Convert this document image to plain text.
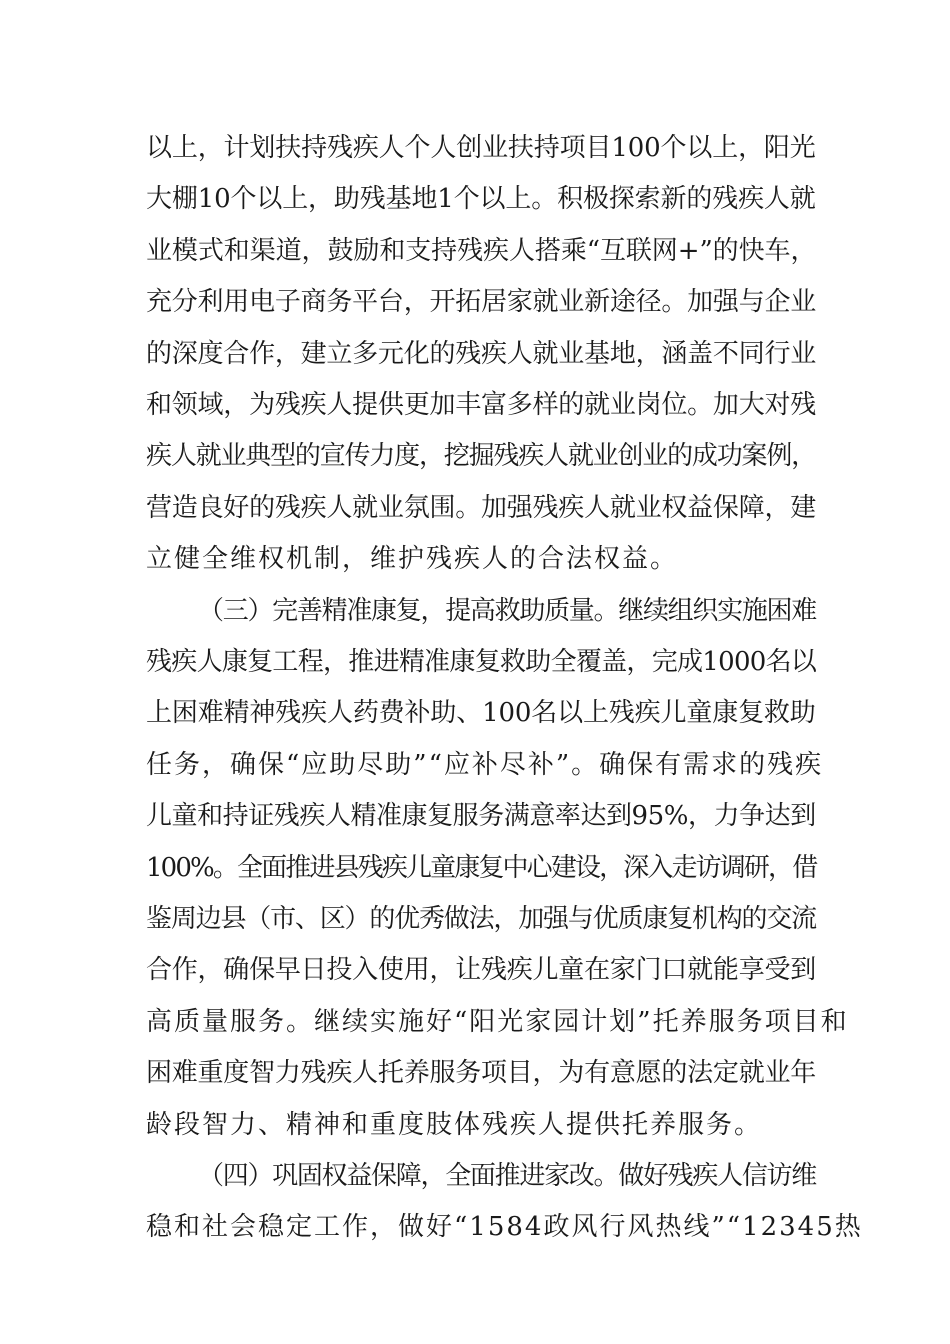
以上，计划扶持残疾人个人创业扶持项目100个以上，阳光
大棚10个以上，助残基地1个以上。积极探索新的残疾人就
业模式和渠道，鼓励和支持残疾人搭乘“互联网+”的快车，
充分利用电子商务平台，开拓居家就业新途径。加强与企业
的深度合作，建立多元化的残疾人就业基地，涵盖不同行业
和领域，为残疾人提供更加丰富多样的就业岗位。加大对残
疾人就业典型的宣传力度，挖掘残疾人就业创业的成功案例，
营造良好的残疾人就业氛围。加强残疾人就业权益保障，建
立健全维权机制，维护残疾人的合法权益。
（三）完善精准康复，提高救助质量。继续组织实施困难
残疾人康复工程，推进精准康复救助全覆盖，完成1000名以
上困难精神残疾人药费补助、100名以上残疾儿童康复救助
任务，确保“应助尽助”“应补尽补”。确保有需求的残疾
儿童和持证残疾人精准康复服务满意率达到95%，力争达到
100%。全面推进县残疾儿童康复中心建设，深入走访调研，借
鉴周边县（市、区）的优秀做法，加强与优质康复机构的交流
合作，确保早日投入使用，让残疾儿童在家门口就能享受到
高质量服务。继续实施好“阳光家园计划”托养服务项目和
困难重度智力残疾人托养服务项目，为有意愿的法定就业年
龄段智力、精神和重度肢体残疾人提供托养服务。
（四）巩固权益保障，全面推进家改。做好残疾人信访维
稳和社会稳定工作，做好“1584政风行风热线”“12345热
